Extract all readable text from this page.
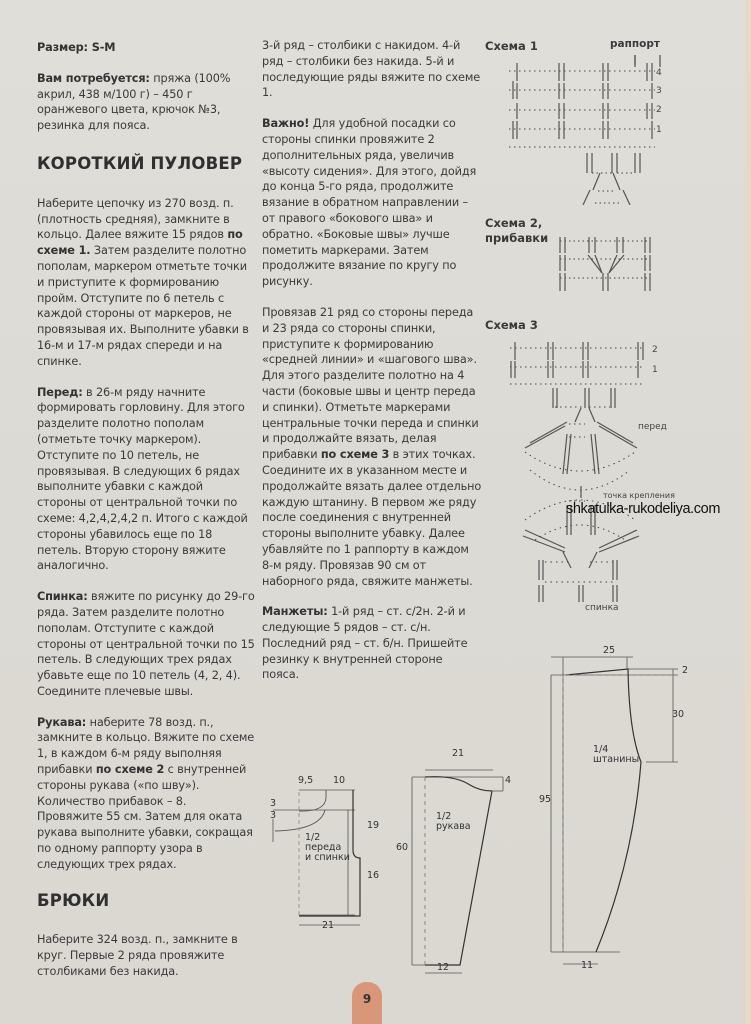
Размер: S-M

Вам потребуется: пряжа (100% акрил, 438 м/100 г) – 450 г оранжевого цвета, крючок №3, резинка для пояса.

КОРОТКИЙ ПУЛОВЕР

Наберите цепочку из 270 возд. п. (плотность средняя), замкните в кольцо. Далее вяжите 15 рядов по схеме 1. Затем разделите полотно пополам, маркером отметьте точки и приступите к формированию пройм. Отступите по 6 петель с каждой стороны от маркеров, не провязывая их. Выполните убавки в 16-м и 17-м рядах спереди и на спинке.

Перед: в 26-м ряду начните формировать горловину. Для этого разделите полотно пополам (отметьте точку маркером). Отступите по 10 петель, не провязывая. В следующих 6 рядах выполните убавки с каждой стороны от центральной точки по схеме: 4,2,4,2,4,2 п. Итого с каждой стороны убавилось еще по 18 петель. Вторую сторону вяжите аналогично.

Спинка: вяжите по рисунку до 29-го ряда. Затем разделите полотно пополам. Отступите с каждой стороны от центральной точки по 15 петель. В следующих трех рядах убавьте еще по 10 петель (4, 2, 4). Соедините плечевые швы.

Рукава: наберите 78 возд. п., замкните в кольцо. Вяжите по схеме 1, в каждом 6-м ряду выполняя прибавки по схеме 2 с внутренней стороны рукава («по шву»). Количество прибавок – 8. Провяжите 55 см. Затем для оката рукава выполните убавки, сокращая по одному раппорту узора в следующих трех рядах.

БРЮКИ

Наберите 324 возд. п., замкните в круг. Первые 2 ряда провяжите столбиками без накида.

3-й ряд – столбики с накидом. 4-й ряд – столбики без накида. 5-й и последующие ряды вяжите по схеме 1.

Важно! Для удобной посадки со стороны спинки провяжите 2 дополнительных ряда, увеличив «высоту сидения». Для этого, дойдя до конца 5-го ряда, продолжите вязание в обратном направлении – от правого «бокового шва» и обратно. «Боковые швы» лучше пометить маркерами. Затем продолжите вязание по кругу по рисунку.

Провязав 21 ряд со стороны переда и 23 ряда со стороны спинки, приступите к формированию «средней линии» и «шагового шва». Для этого разделите полотно на 4 части (боковые швы и центр переда и спинки). Отметьте маркерами центральные точки переда и спинки и продолжайте вязать, делая прибавки по схеме 3 в этих точках. Соедините их в указанном месте и продолжайте вязать далее отдельно каждую штанину. В первом же ряду после соединения с внутренней стороны выполните убавку. Далее убавляйте по 1 раппорту в каждом 8-м ряду. Провязав 90 см от наборного ряда, свяжите манжеты.

Манжеты: 1-й ряд – ст. с/2н. 2-й и следующие 5 рядов – ст. с/н. Последний ряд – ст. б/н. Пришейте резинку к внутренней стороне пояса.

Схема 1	раппорт
Схема 2,
прибавки
Схема 3
4
3
2
1
2
1
перед
точка крепления
спинка
shkatulka-rukodeliya.com
9,5 10
3
3
19
16
21
1/2
переда
и спинки
21
4
60
12
1/2
рукава
25
2
30
95
11
1/4
штанины
9
